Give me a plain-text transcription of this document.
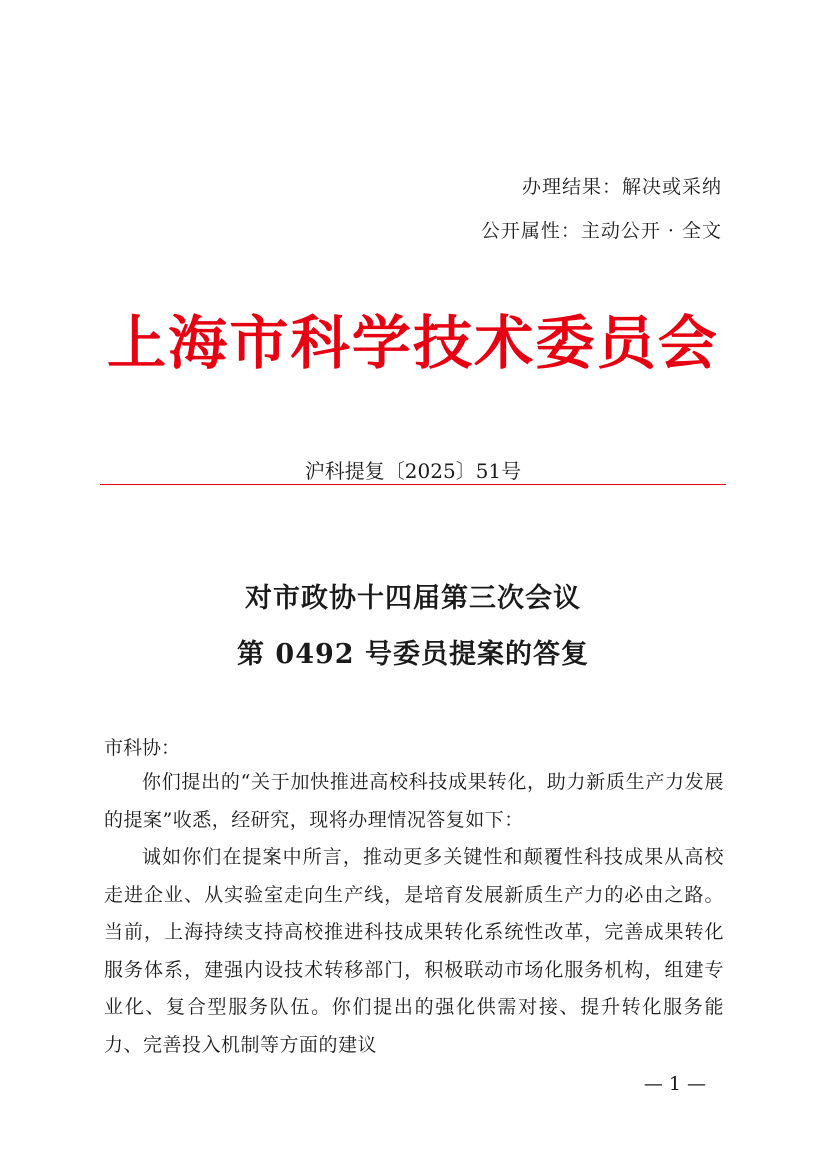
办理结果：解决或采纳
公开属性：主动公开 · 全文
上海市科学技术委员会
沪科提复〔2025〕51号
对市政协十四届第三次会议
第 0492 号委员提案的答复
市科协：

你们提出的“关于加快推进高校科技成果转化，助力新质生产力发展的提案”收悉，经研究，现将办理情况答复如下：

诚如你们在提案中所言，推动更多关键性和颠覆性科技成果从高校走进企业、从实验室走向生产线，是培育发展新质生产力的必由之路。当前，上海持续支持高校推进科技成果转化系统性改革，完善成果转化服务体系，建强内设技术转移部门，积极联动市场化服务机构，组建专业化、复合型服务队伍。你们提出的强化供需对接、提升转化服务能力、完善投入机制等方面的建议

— 1 —
